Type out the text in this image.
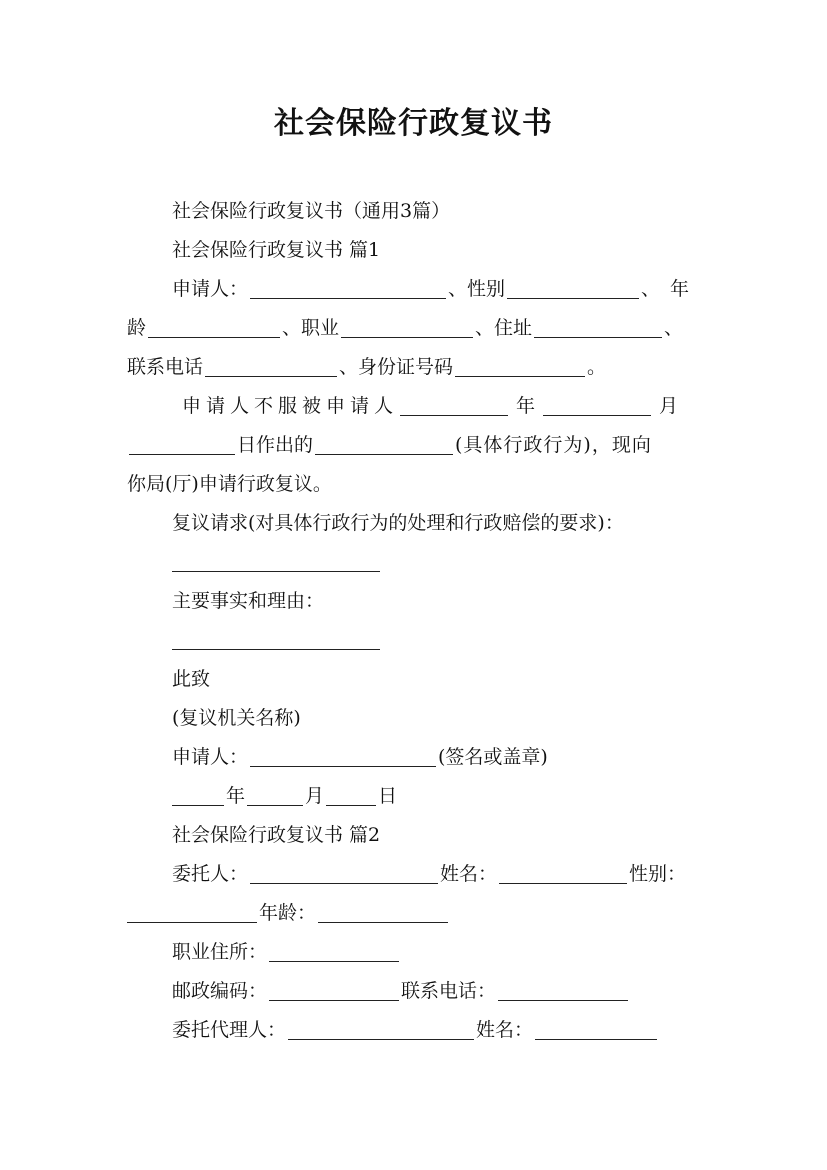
社会保险行政复议书

社会保险行政复议书（通用3篇）

社会保险行政复议书 篇1

申请人：	、性别	、年

龄	、职业	、住址	、

联系电话	、身份证号码	。

申请人不服被申请人	年	月

日作出的	(具体行政行为)，现向

你局(厅)申请行政复议。

复议请求(对具体行政行为的处理和行政赔偿的要求)：

主要事实和理由：

此致

(复议机关名称)

申请人：	(签名或盖章)

年	月	日

社会保险行政复议书 篇2

委托人：	姓名：	性别：

年龄：

职业住所：

邮政编码：	联系电话：

委托代理人：	姓名：
